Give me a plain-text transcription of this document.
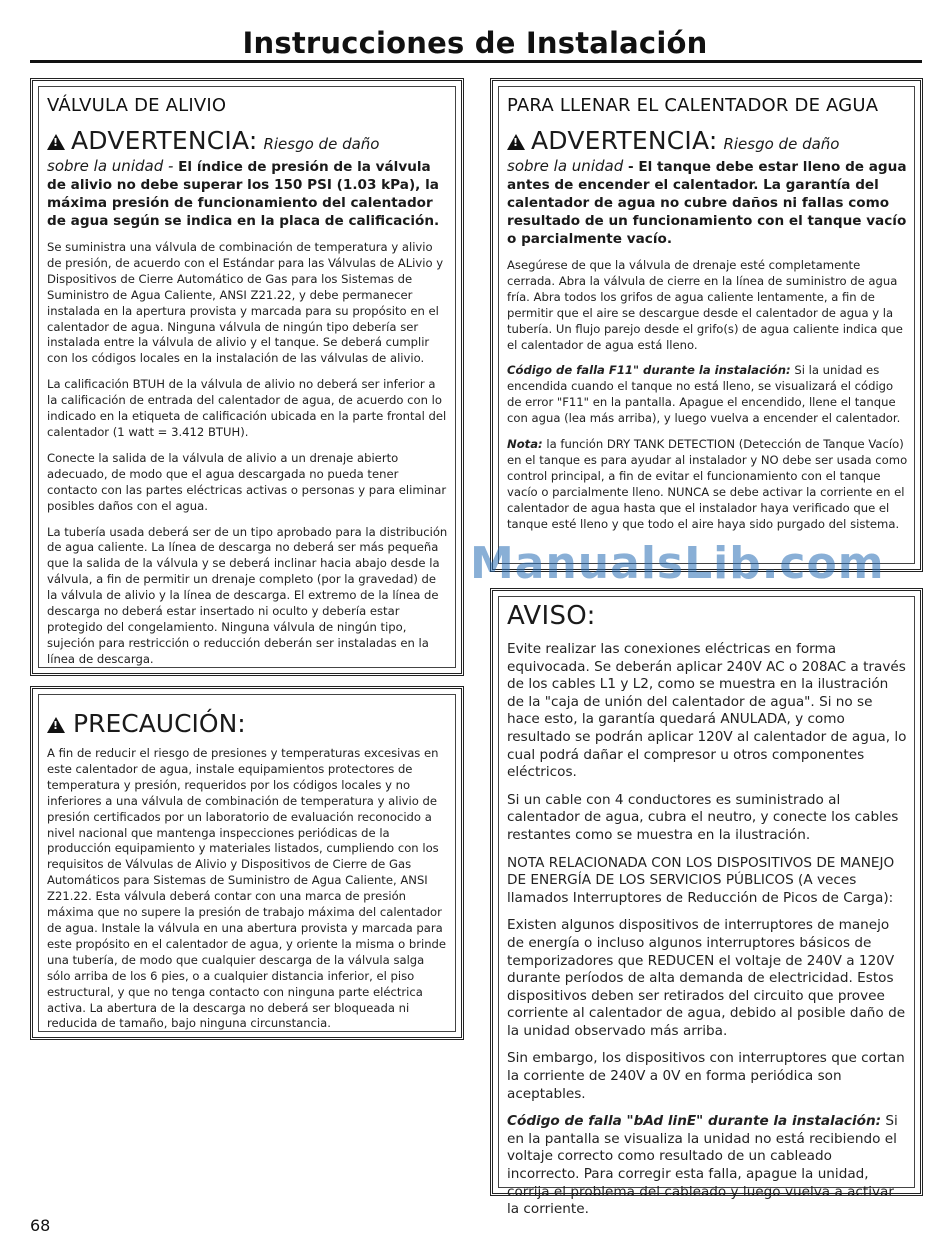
Instrucciones de Instalación
VÁLVULA DE ALIVIO
!
ADVERTENCIA: Riesgo de daño
sobre la unidad - El índice de presión de la válvula de alivio no debe superar los 150 PSI (1.03 kPa), la máxima presión de funcionamiento del calentador de agua según se indica en la placa de calificación.

Se suministra una válvula de combinación de temperatura y alivio de presión, de acuerdo con el Estándar para las Válvulas de ALivio y Dispositivos de Cierre Automático de Gas para los Sistemas de Suministro de Agua Caliente, ANSI Z21.22, y debe permanecer instalada en la apertura provista y marcada para su propósito en el calentador de agua. Ninguna válvula de ningún tipo debería ser instalada entre la válvula de alivio y el tanque. Se deberá cumplir con los códigos locales en la instalación de las válvulas de alivio.

La calificación BTUH de la válvula de alivio no deberá ser inferior a la calificación de entrada del calentador de agua, de acuerdo con lo indicado en la etiqueta de calificación ubicada en la parte frontal del calentador (1 watt = 3.412 BTUH).

Conecte la salida de la válvula de alivio a un drenaje abierto adecuado, de modo que el agua descargada no pueda tener contacto con las partes eléctricas activas o personas y para eliminar posibles daños con el agua.

La tubería usada deberá ser de un tipo aprobado para la distribución de agua caliente. La línea de descarga no deberá ser más pequeña que la salida de la válvula y se deberá inclinar hacia abajo desde la válvula, a fin de permitir un drenaje completo (por la gravedad) de la válvula de alivio y la línea de descarga. El extremo de la línea de descarga no deberá estar insertado ni oculto y debería estar protegido del congelamiento. Ninguna válvula de ningún tipo, sujeción para restricción o reducción deberán ser instaladas en la línea de descarga.

!
PRECAUCIÓN:

A fin de reducir el riesgo de presiones y temperaturas excesivas en este calentador de agua, instale equipamientos protectores de temperatura y presión, requeridos por los códigos locales y no inferiores a una válvula de combinación de temperatura y alivio de presión certificados por un laboratorio de evaluación reconocido a nivel nacional que mantenga inspecciones periódicas de la producción equipamiento y materiales listados, cumpliendo con los requisitos de Válvulas de Alivio y Dispositivos de Cierre de Gas Automáticos para Sistemas de Suministro de Agua Caliente, ANSI Z21.22. Esta válvula deberá contar con una marca de presión máxima que no supere la presión de trabajo máxima del calentador de agua. Instale la válvula en una abertura provista y marcada para este propósito en el calentador de agua, y oriente la misma o brinde una tubería, de modo que cualquier descarga de la válvula salga sólo arriba de los 6 pies, o a cualquier distancia inferior, el piso estructural, y que no tenga contacto con ninguna parte eléctrica activa. La abertura de la descarga no deberá ser bloqueada ni reducida de tamaño, bajo ninguna circunstancia.

PARA LLENAR EL CALENTADOR DE AGUA
!
ADVERTENCIA: Riesgo de daño
sobre la unidad - El tanque debe estar lleno de agua antes de encender el calentador. La garantía del calentador de agua no cubre daños ni fallas como resultado de un funcionamiento con el tanque vacío o parcialmente vacío.

Asegúrese de que la válvula de drenaje esté completamente cerrada. Abra la válvula de cierre en la línea de suministro de agua fría. Abra todos los grifos de agua caliente lentamente, a fin de permitir que el aire se descargue desde el calentador de agua y la tubería. Un flujo parejo desde el grifo(s) de agua caliente indica que el calentador de agua está lleno.

Código de falla F11" durante la instalación: Si la unidad es encendida cuando el tanque no está lleno, se visualizará el código de error "F11" en la pantalla. Apague el encendido, llene el tanque con agua (lea más arriba), y luego vuelva a encender el calentador.

Nota: la función DRY TANK DETECTION (Detección de Tanque Vacío) en el tanque es para ayudar al instalador y NO debe ser usada como control principal, a fin de evitar el funcionamiento con el tanque vacío o parcialmente lleno. NUNCA se debe activar la corriente en el calentador de agua hasta que el instalador haya verificado que el tanque esté lleno y que todo el aire haya sido purgado del sistema.

AVISO:

Evite realizar las conexiones eléctricas en forma equivocada. Se deberán aplicar 240V AC o 208AC a través de los cables L1 y L2, como se muestra en la ilustración de la "caja de unión del calentador de agua". Si no se hace esto, la garantía quedará ANULADA, y como resultado se podrán aplicar 120V al calentador de agua, lo cual podrá dañar el compresor u otros componentes eléctricos.

Si un cable con 4 conductores es suministrado al calentador de agua, cubra el neutro, y conecte los cables restantes como se muestra en la ilustración.

NOTA RELACIONADA CON LOS DISPOSITIVOS DE MANEJO DE ENERGÍA DE LOS SERVICIOS PÚBLICOS (A veces llamados Interruptores de Reducción de Picos de Carga):

Existen algunos dispositivos de interruptores de manejo de energía o incluso algunos interruptores básicos de temporizadores que REDUCEN el voltaje de 240V a 120V durante períodos de alta demanda de electricidad. Estos dispositivos deben ser retirados del circuito que provee corriente al calentador de agua, debido al posible daño de la unidad observado más arriba.

Sin embargo, los dispositivos con interruptores que cortan la corriente de 240V a 0V en forma periódica son aceptables.

Código de falla "bAd linE" durante la instalación: Si en la pantalla se visualiza la unidad no está recibiendo el voltaje correcto como resultado de un cableado incorrecto. Para corregir esta falla, apague la unidad, corrija el problema del cableado y luego vuelva a activar la corriente.

ManualsLib.com
68
